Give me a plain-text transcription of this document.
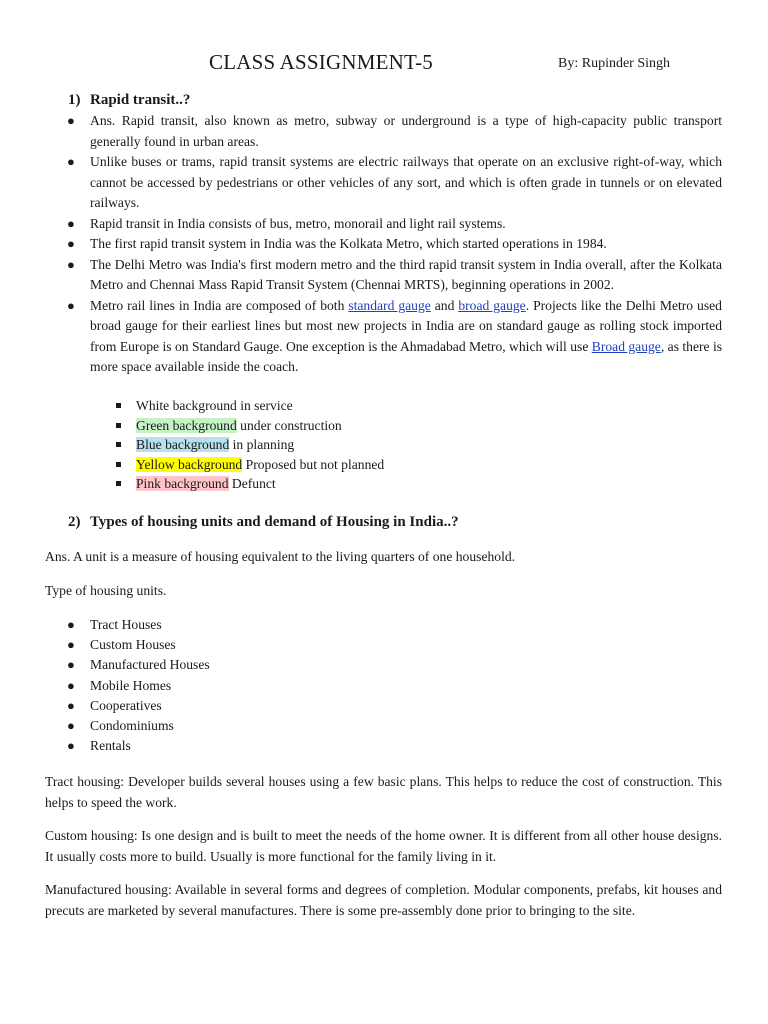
CLASS ASSIGNMENT-5	By: Rupinder Singh
1) Rapid transit..?
● Ans. Rapid transit, also known as metro, subway or underground is a type of high-capacity public transport generally found in urban areas.
● Unlike buses or trams, rapid transit systems are electric railways that operate on an exclusive right-of-way, which cannot be accessed by pedestrians or other vehicles of any sort, and which is often grade in tunnels or on elevated railways.
● Rapid transit in India consists of bus, metro, monorail and light rail systems.
● The first rapid transit system in India was the Kolkata Metro, which started operations in 1984.
● The Delhi Metro was India's first modern metro and the third rapid transit system in India overall, after the Kolkata Metro and Chennai Mass Rapid Transit System (Chennai MRTS), beginning operations in 2002.
● Metro rail lines in India are composed of both standard gauge and broad gauge. Projects like the Delhi Metro used broad gauge for their earliest lines but most new projects in India are on standard gauge as rolling stock imported from Europe is on Standard Gauge. One exception is the Ahmadabad Metro, which will use Broad gauge, as there is more space available inside the coach.
White background in service
Green background under construction
Blue background in planning
Yellow background Proposed but not planned
Pink background Defunct
2) Types of housing units and demand of Housing in India..?

Ans. A unit is a measure of housing equivalent to the living quarters of one household.

Type of housing units.

● Tract Houses
● Custom Houses
● Manufactured Houses
● Mobile Homes
● Cooperatives
● Condominiums
● Rentals

Tract housing: Developer builds several houses using a few basic plans. This helps to reduce the cost of construction. This helps to speed the work.

Custom housing: Is one design and is built to meet the needs of the home owner. It is different from all other house designs. It usually costs more to build. Usually is more functional for the family living in it.

Manufactured housing: Available in several forms and degrees of completion. Modular components, prefabs, kit houses and precuts are marketed by several manufactures. There is some pre-assembly done prior to bringing to the site.
